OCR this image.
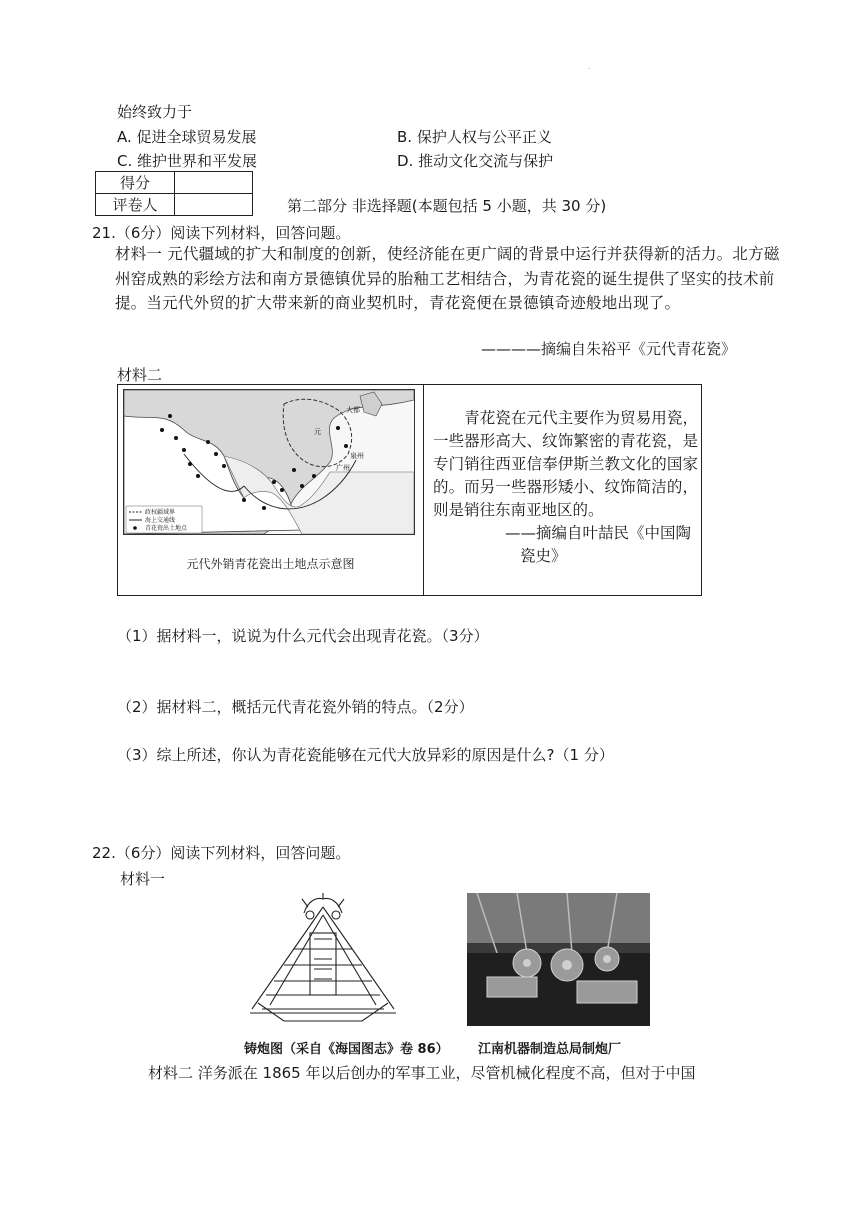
·
始终致力于
A. 促进全球贸易发展	B. 保护人权与公平正义
C. 维护世界和平发展	D. 推动文化交流与保护
得分	
评卷人		第二部分 非选择题(本题包括 5 小题，共 30 分)
21.（6分）阅读下列材料，回答问题。
材料一 元代疆域的扩大和制度的创新，使经济能在更广阔的背景中运行并获得新的活力。北方磁州窑成熟的彩绘方法和南方景德镇优异的胎釉工艺相结合，为青花瓷的诞生提供了坚实的技术前提。当元代外贸的扩大带来新的商业契机时，青花瓷便在景德镇奇迹般地出现了。
————摘编自朱裕平《元代青花瓷》
材料二
大都
元
泉州
广州
政权疆域界
海上交通线
青花瓷出土地点
元代外销青花瓷出土地点示意图
青花瓷在元代主要作为贸易用瓷，一些器形高大、纹饰繁密的青花瓷，是专门销往西亚信奉伊斯兰教文化的国家的。而另一些器形矮小、纹饰简洁的，则是销往东南亚地区的。
——摘编自叶喆民《中国陶
瓷史》
（1）据材料一，说说为什么元代会出现青花瓷。（3分）
（2）据材料二，概括元代青花瓷外销的特点。（2分）
（3）综上所述，你认为青花瓷能够在元代大放异彩的原因是什么?（1 分）
22.（6分）阅读下列材料，回答问题。
材料一
铸炮图（采自《海国图志》卷 86） 江南机器制造总局制炮厂
材料二 洋务派在 1865 年以后创办的军事工业，尽管机械化程度不高，但对于中国
